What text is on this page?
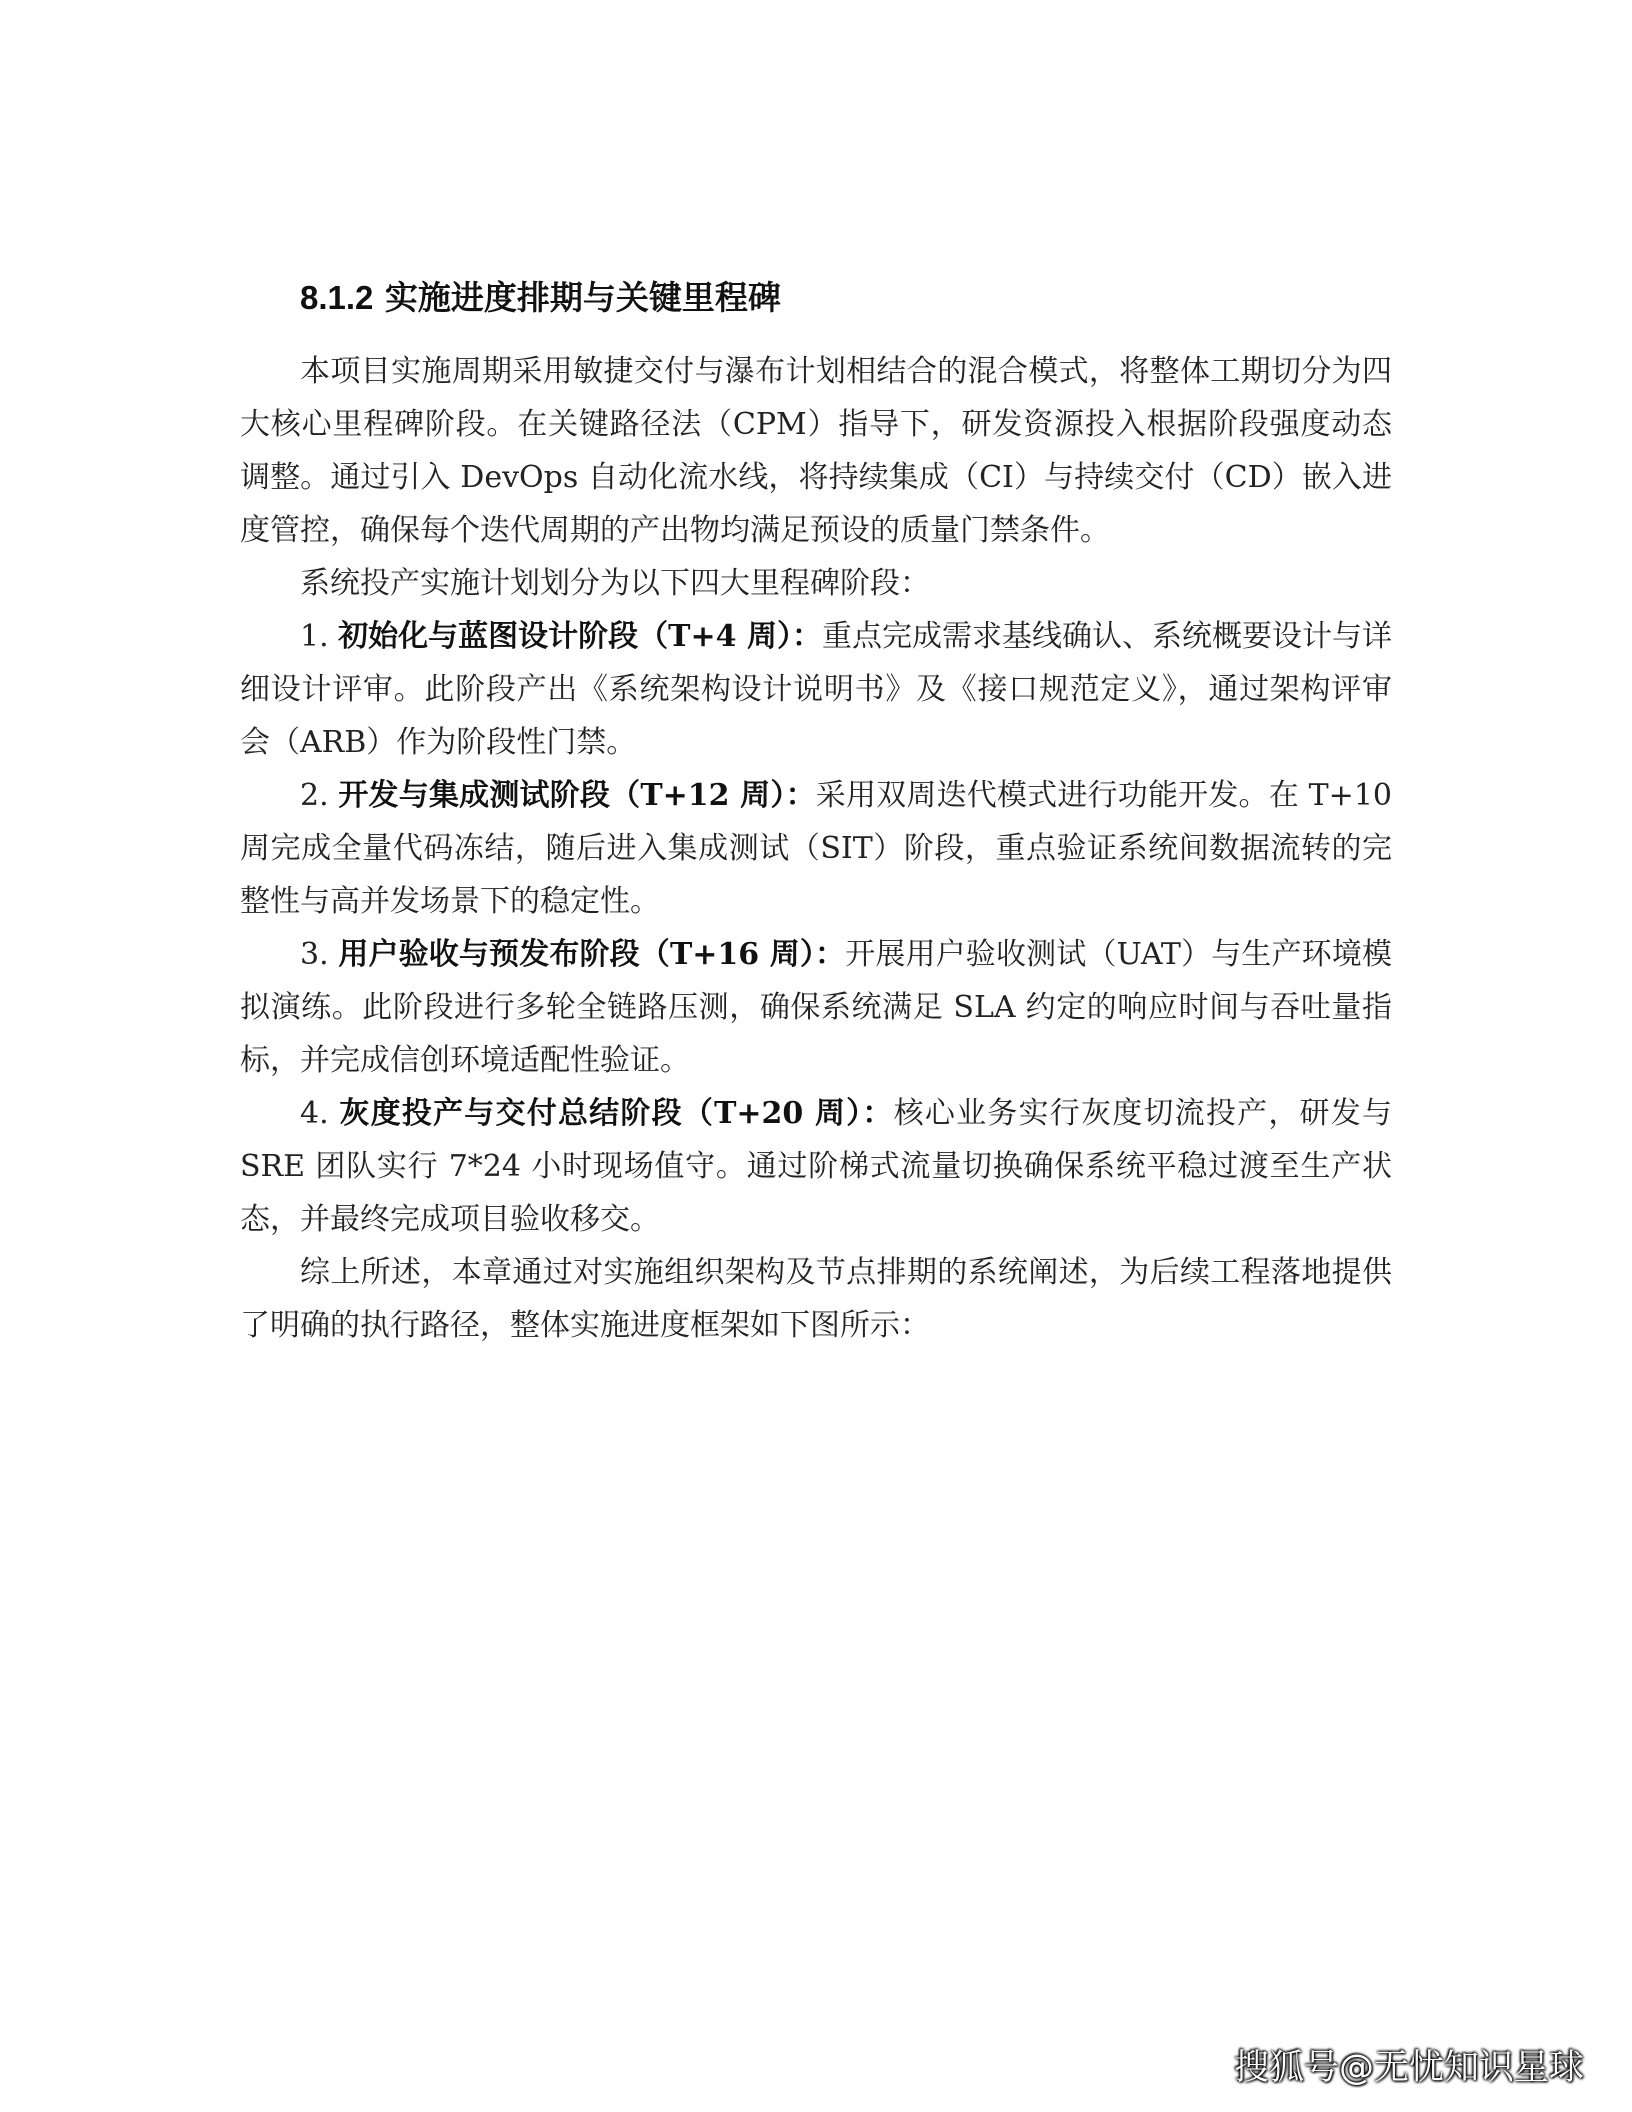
8.1.2 实施进度排期与关键里程碑

本项目实施周期采用敏捷交付与瀑布计划相结合的混合模式，将整体工期切分为四大核心里程碑阶段。在关键路径法（CPM）指导下，研发资源投入根据阶段强度动态调整。通过引入 DevOps 自动化流水线，将持续集成（CI）与持续交付（CD）嵌入进度管控，确保每个迭代周期的产出物均满足预设的质量门禁条件。

系统投产实施计划划分为以下四大里程碑阶段：

1. 初始化与蓝图设计阶段（T+4 周）：重点完成需求基线确认、系统概要设计与详细设计评审。此阶段产出《系统架构设计说明书》及《接口规范定义》，通过架构评审会（ARB）作为阶段性门禁。

2. 开发与集成测试阶段（T+12 周）：采用双周迭代模式进行功能开发。在 T+10 周完成全量代码冻结，随后进入集成测试（SIT）阶段，重点验证系统间数据流转的完整性与高并发场景下的稳定性。

3. 用户验收与预发布阶段（T+16 周）：开展用户验收测试（UAT）与生产环境模拟演练。此阶段进行多轮全链路压测，确保系统满足 SLA 约定的响应时间与吞吐量指标，并完成信创环境适配性验证。

4. 灰度投产与交付总结阶段（T+20 周）：核心业务实行灰度切流投产，研发与 SRE 团队实行 7*24 小时现场值守。通过阶梯式流量切换确保系统平稳过渡至生产状态，并最终完成项目验收移交。

综上所述，本章通过对实施组织架构及节点排期的系统阐述，为后续工程落地提供了明确的执行路径，整体实施进度框架如下图所示：

搜狐号@无忧知识星球
